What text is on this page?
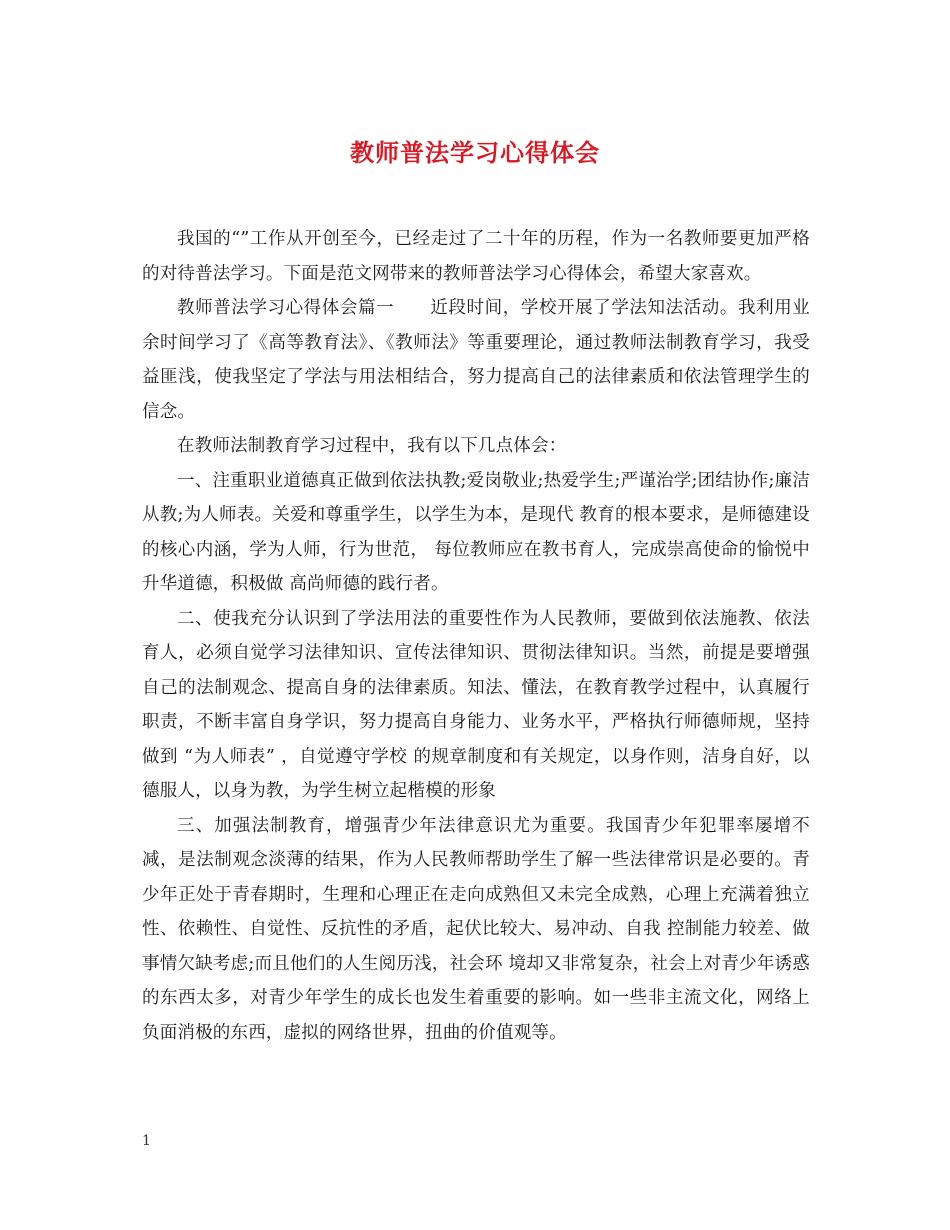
教师普法学习心得体会

我国的“”工作从开创至今，已经走过了二十年的历程，作为一名教师要更加严格的对待普法学习。下面是范文网带来的教师普法学习心得体会，希望大家喜欢。

教师普法学习心得体会篇一　　近段时间，学校开展了学法知法活动。我利用业余时间学习了《高等教育法》、《教师法》等重要理论，通过教师法制教育学习，我受益匪浅，使我坚定了学法与用法相结合，努力提高自己的法律素质和依法管理学生的信念。

在教师法制教育学习过程中，我有以下几点体会：

一、注重职业道德真正做到依法执教;爱岗敬业;热爱学生;严谨治学;团结协作;廉洁从教;为人师表。关爱和尊重学生，以学生为本，是现代 教育的根本要求，是师德建设的核心内涵，学为人师，行为世范， 每位教师应在教书育人，完成崇高使命的愉悦中升华道德，积极做 高尚师德的践行者。

二、使我充分认识到了学法用法的重要性作为人民教师，要做到依法施教、依法育人，必须自觉学习法律知识、宣传法律知识、贯彻法律知识。当然，前提是要增强自己的法制观念、提高自身的法律素质。知法、懂法，在教育教学过程中，认真履行职责，不断丰富自身学识，努力提高自身能力、业务水平，严格执行师德师规，坚持做到 “为人师表” ，自觉遵守学校 的规章制度和有关规定，以身作则，洁身自好，以德服人，以身为教，为学生树立起楷模的形象

三、加强法制教育，增强青少年法律意识尤为重要。我国青少年犯罪率屡增不减，是法制观念淡薄的结果，作为人民教师帮助学生了解一些法律常识是必要的。青少年正处于青春期时，生理和心理正在走向成熟但又未完全成熟，心理上充满着独立性、依赖性、自觉性、反抗性的矛盾，起伏比较大、易冲动、自我 控制能力较差、做事情欠缺考虑;而且他们的人生阅历浅，社会环 境却又非常复杂，社会上对青少年诱惑的东西太多，对青少年学生的成长也发生着重要的影响。如一些非主流文化，网络上负面消极的东西，虚拟的网络世界，扭曲的价值观等。

1
